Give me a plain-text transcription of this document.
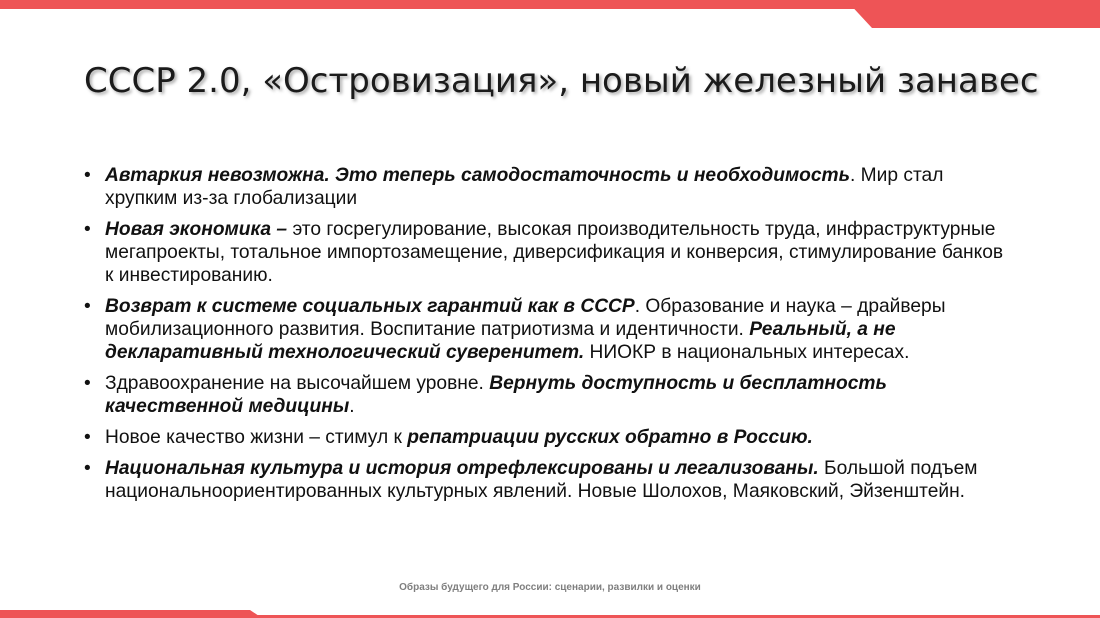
СССР 2.0, «Островизация», новый железный занавес
• Автаркия невозможна. Это теперь самодостаточность и необходимость. Мир стал хрупким из-за глобализации
• Новая экономика – это госрегулирование, высокая производительность труда, инфраструктурные мегапроекты, тотальное импортозамещение, диверсификация и конверсия, стимулирование банков к инвестированию.
• Возврат к системе социальных гарантий как в СССР. Образование и наука – драйверы мобилизационного развития. Воспитание патриотизма и идентичности. Реальный, а не декларативный технологический суверенитет. НИОКР в национальных интересах.
• Здравоохранение на высочайшем уровне. Вернуть доступность и бесплатность качественной медицины.
• Новое качество жизни – стимул к репатриации русских обратно в Россию.
• Национальная культура и история отрефлексированы и легализованы. Большой подъем национальноориентированных культурных явлений. Новые Шолохов, Маяковский, Эйзенштейн.
Образы будущего для России: сценарии, развилки и оценки
